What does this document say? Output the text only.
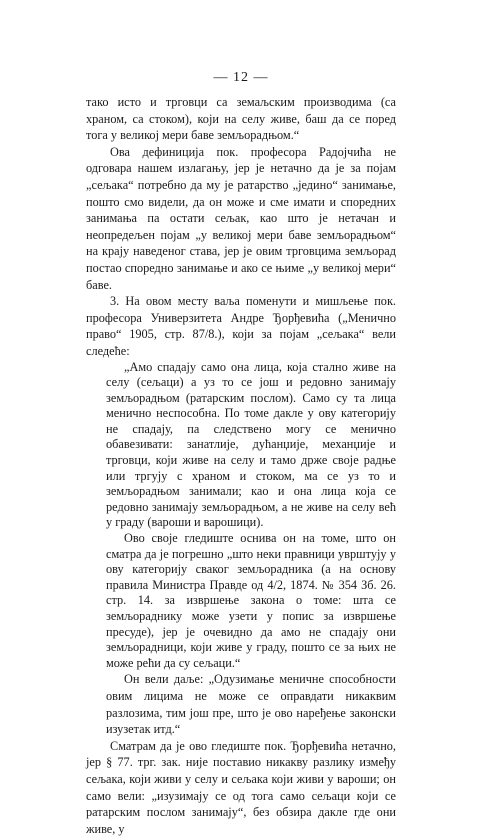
— 12 —

тако исто и трговци са земаљским производима (са храном, са стоком), који на селу живе, баш да се поред тога у великој мери баве земљорадњом.“

Ова дефиниција пок. професора Радојчића не одговара нашем излагању, јер је нетачно да је за појам „сељака“ потребно да му је ратарство „једино“ занимање, пошто смо видели, да он може и сме имати и споредних занимања па остати сељак, као што је нетачан и неопредељен појам „у великој мери баве земљорадњом“ на крају наведеног става, јер је овим трговцима земљорад постао споредно занимање и ако се њиме „у великој мери“ баве.

3. На овом месту ваља поменути и мишљење пок. професора Универзитета Андре Ђорђевића („Менично право“ 1905, стр. 87/8.), који за појам „сељака“ вели следеће:

„Амо спадају само она лица, која стално живе на селу (сељаци) а уз то се још и редовно занимају земљорадњом (ратарским послом). Само су та лица менично неспособна. По томе дакле у ову категорију не спадају, па следствено могу се менично обавезивати: занатлије, дућанџије, механџије и трговци, који живе на селу и тамо држе своје радње или тргују с храном и стоком, ма се уз то и земљорадњом занимали; као и она лица која се редовно занимају земљорадњом, а не живе на селу већ у граду (вароши и варошици).

Ово своје гледиште оснива он на томе, што он сматра да је погрешно „што неки правници уврштују у ову категорију сваког земљорадника (а на основу правила Министра Правде од 4/2, 1874. № 354 Зб. 26. стр. 14. за извршење закона о томе: шта се земљораднику може узети у попис за извршење пресуде), јер је очевидно да амо не спадају они земљорадници, који живе у граду, пошто се за њих не може рећи да су сељаци.“

Он вели даље: „Одузимање меничне способности овим лицима не може се оправдати никаквим разлозима, тим још пре, што је ово наређење законски изузетак итд.“

Сматрам да је ово гледиште пок. Ђорђевића нетачно, јер § 77. трг. зак. није поставио никакву разлику између сељака, који живи у селу и сељака који живи у вароши; он само вели: „изузимају се од тога само сељаци који се ратарским послом занимају“, без обзира дакле где они живе, у
